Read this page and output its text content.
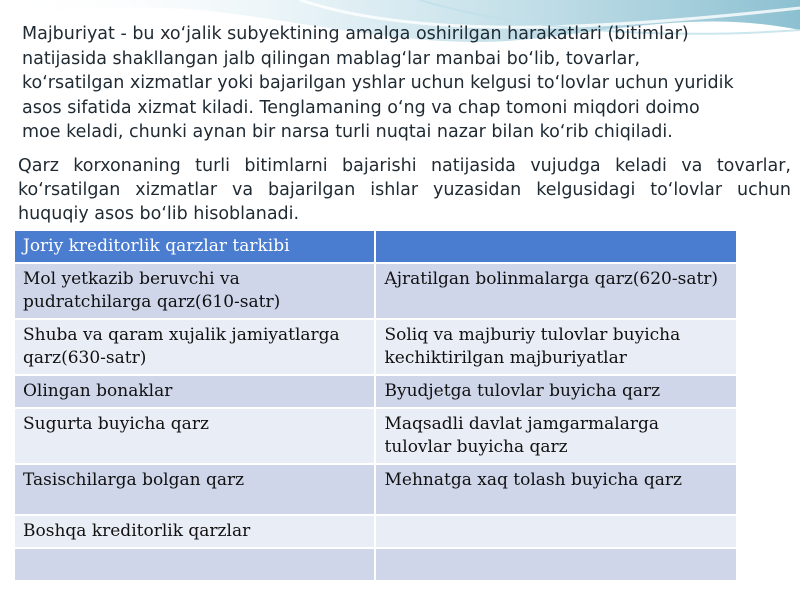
Majburiyat - bu xo‘jalik subyektining amalga oshirilgan harakatlari (bitimlar) natijasida shakllangan jalb qilingan mablag‘lar manbai bo‘lib, tovarlar, ko‘rsatilgan xizmatlar yoki bajarilgan yshlar uchun kelgusi to‘lovlar uchun yuridik asos sifatida xizmat kiladi. Tenglamaning o‘ng va chap tomoni miqdori doimo moe keladi, chunki aynan bir narsa turli nuqtai nazar bilan ko‘rib chiqiladi.
Qarz korxonaning turli bitimlarni bajarishi natijasida vujudga keladi va tovarlar, ko‘rsatilgan xizmatlar va bajarilgan ishlar yuzasidan kelgusidagi to‘lovlar uchun huquqiy asos bo‘lib hisoblanadi.
Joriy kreditorlik qarzlar tarkibi	
Mol yetkazib beruvchi va pudratchilarga qarz(610-satr)	Ajratilgan bolinmalarga qarz(620-satr)
Shuba va qaram xujalik jamiyatlarga qarz(630-satr)	Soliq va majburiy tulovlar buyicha kechiktirilgan majburiyatlar
Olingan bonaklar	Byudjetga tulovlar buyicha qarz
Sugurta buyicha qarz	Maqsadli davlat jamgarmalarga tulovlar buyicha qarz
Tasischilarga bolgan qarz	Mehnatga xaq tolash buyicha qarz
Boshqa kreditorlik qarzlar	
